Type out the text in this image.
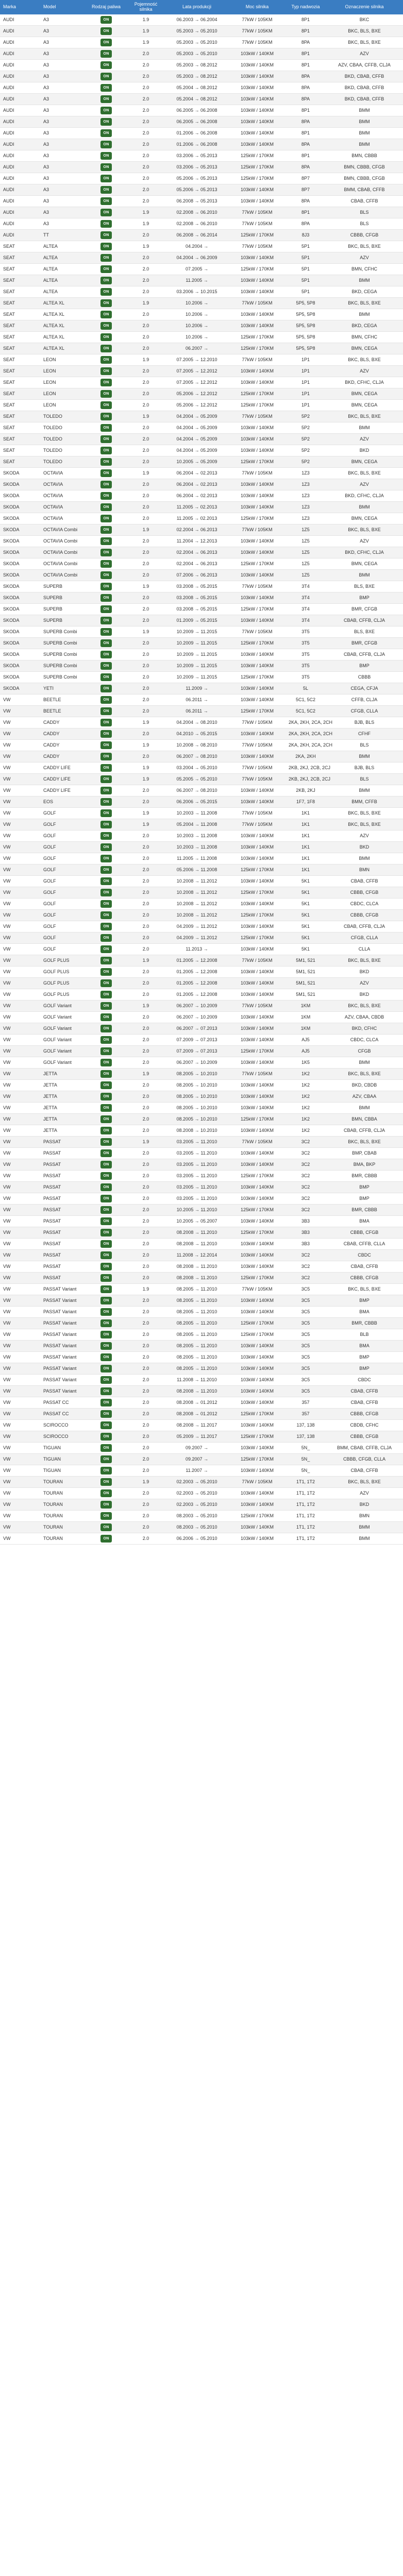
Marka	Model	Rodzaj paliwa	Pojemność silnika	Lata produkcji	Moc silnika	Typ nadwozia	Oznaczenie silnika
AUDI	A3	ON	1.9	06.2003 → 06.2004	77kW / 105KM	8P1	BKC
AUDI	A3	ON	1.9	05.2003 → 05.2010	77kW / 105KM	8P1	BKC, BLS, BXE
AUDI	A3	ON	1.9	05.2003 → 05.2010	77kW / 105KM	8PA	BKC, BLS, BXE
AUDI	A3	ON	2.0	05.2003 → 05.2010	103kW / 140KM	8P1	AZV
AUDI	A3	ON	2.0	05.2003 → 08.2012	103kW / 140KM	8P1	AZV, CBAA, CFFB, CLJA
AUDI	A3	ON	2.0	05.2003 → 08.2012	103kW / 140KM	8PA	BKD, CBAB, CFFB
AUDI	A3	ON	2.0	05.2004 → 08.2012	103kW / 140KM	8PA	BKD, CBAB, CFFB
AUDI	A3	ON	2.0	05.2004 → 08.2012	103kW / 140KM	8PA	BKD, CBAB, CFFB
AUDI	A3	ON	2.0	06.2005 → 06.2008	103kW / 140KM	8P1	BMM
AUDI	A3	ON	2.0	06.2005 → 06.2008	103kW / 140KM	8PA	BMM
AUDI	A3	ON	2.0	01.2006 → 06.2008	103kW / 140KM	8P1	BMM
AUDI	A3	ON	2.0	01.2006 → 06.2008	103kW / 140KM	8PA	BMM
AUDI	A3	ON	2.0	03.2006 → 05.2013	125kW / 170KM	8P1	BMN, CBBB
AUDI	A3	ON	2.0	03.2006 → 05.2013	125kW / 170KM	8PA	BMN, CBBB, CFGB
AUDI	A3	ON	2.0	05.2006 → 05.2013	125kW / 170KM	8P7	BMN, CBBB, CFGB
AUDI	A3	ON	2.0	05.2006 → 05.2013	103kW / 140KM	8P7	BMM, CBAB, CFFB
AUDI	A3	ON	2.0	06.2008 → 05.2013	103kW / 140KM	8PA	CBAB, CFFB
AUDI	A3	ON	1.9	02.2008 → 06.2010	77kW / 105KM	8P1	BLS
AUDI	A3	ON	1.9	02.2008 → 06.2010	77kW / 105KM	8PA	BLS
AUDI	TT	ON	2.0	06.2008 → 06.2014	125kW / 170KM	8J3	CBBB, CFGB
SEAT	ALTEA	ON	1.9	04.2004 →	77kW / 105KM	5P1	BKC, BLS, BXE
SEAT	ALTEA	ON	2.0	04.2004 → 06.2009	103kW / 140KM	5P1	AZV
SEAT	ALTEA	ON	2.0	07.2005 →	125kW / 170KM	5P1	BMN, CFHC
SEAT	ALTEA	ON	2.0	11.2005 →	103kW / 140KM	5P1	BMM
SEAT	ALTEA	ON	2.0	03.2006 → 10.2015	103kW / 140KM	5P1	BKD, CEGA
SEAT	ALTEA XL	ON	1.9	10.2006 →	77kW / 105KM	5P5, 5P8	BKC, BLS, BXE
SEAT	ALTEA XL	ON	2.0	10.2006 →	103kW / 140KM	5P5, 5P8	BMM
SEAT	ALTEA XL	ON	2.0	10.2006 →	103kW / 140KM	5P5, 5P8	BKD, CEGA
SEAT	ALTEA XL	ON	2.0	10.2006 →	125kW / 170KM	5P5, 5P8	BMN, CFHC
SEAT	ALTEA XL	ON	2.0	06.2007 →	125kW / 170KM	5P5, 5P8	BMN, CEGA
SEAT	LEON	ON	1.9	07.2005 → 12.2010	77kW / 105KM	1P1	BKC, BLS, BXE
SEAT	LEON	ON	2.0	07.2005 → 12.2012	103kW / 140KM	1P1	AZV
SEAT	LEON	ON	2.0	07.2005 → 12.2012	103kW / 140KM	1P1	BKD, CFHC, CLJA
SEAT	LEON	ON	2.0	05.2006 → 12.2012	125kW / 170KM	1P1	BMN, CEGA
SEAT	LEON	ON	2.0	05.2006 → 12.2012	125kW / 170KM	1P1	BMN, CEGA
SEAT	TOLEDO	ON	1.9	04.2004 → 05.2009	77kW / 105KM	5P2	BKC, BLS, BXE
SEAT	TOLEDO	ON	2.0	04.2004 → 05.2009	103kW / 140KM	5P2	BMM
SEAT	TOLEDO	ON	2.0	04.2004 → 05.2009	103kW / 140KM	5P2	AZV
SEAT	TOLEDO	ON	2.0	04.2004 → 05.2009	103kW / 140KM	5P2	BKD
SEAT	TOLEDO	ON	2.0	10.2005 → 05.2009	125kW / 170KM	5P2	BMN, CEGA
SKODA	OCTAVIA	ON	1.9	06.2004 → 02.2013	77kW / 105KM	1Z3	BKC, BLS, BXE
SKODA	OCTAVIA	ON	2.0	06.2004 → 02.2013	103kW / 140KM	1Z3	AZV
SKODA	OCTAVIA	ON	2.0	06.2004 → 02.2013	103kW / 140KM	1Z3	BKD, CFHC, CLJA
SKODA	OCTAVIA	ON	2.0	11.2005 → 02.2013	103kW / 140KM	1Z3	BMM
SKODA	OCTAVIA	ON	2.0	11.2005 → 02.2013	125kW / 170KM	1Z3	BMN, CEGA
SKODA	OCTAVIA Combi	ON	1.9	02.2004 → 06.2013	77kW / 105KM	1Z5	BKC, BLS, BXE
SKODA	OCTAVIA Combi	ON	2.0	11.2004 → 12.2013	103kW / 140KM	1Z5	AZV
SKODA	OCTAVIA Combi	ON	2.0	02.2004 → 06.2013	103kW / 140KM	1Z5	BKD, CFHC, CLJA
SKODA	OCTAVIA Combi	ON	2.0	02.2004 → 06.2013	125kW / 170KM	1Z5	BMN, CEGA
SKODA	OCTAVIA Combi	ON	2.0	07.2006 → 06.2013	103kW / 140KM	1Z5	BMM
SKODA	SUPERB	ON	1.9	03.2008 → 05.2015	77kW / 105KM	3T4	BLS, BXE
SKODA	SUPERB	ON	2.0	03.2008 → 05.2015	103kW / 140KM	3T4	BMP
SKODA	SUPERB	ON	2.0	03.2008 → 05.2015	125kW / 170KM	3T4	BMR, CFGB
SKODA	SUPERB	ON	2.0	01.2009 → 05.2015	103kW / 140KM	3T4	CBAB, CFFB, CLJA
SKODA	SUPERB Combi	ON	1.9	10.2009 → 11.2015	77kW / 105KM	3T5	BLS, BXE
SKODA	SUPERB Combi	ON	2.0	10.2009 → 11.2015	125kW / 170KM	3T5	BMR, CFGB
SKODA	SUPERB Combi	ON	2.0	10.2009 → 11.2015	103kW / 140KM	3T5	CBAB, CFFB, CLJA
SKODA	SUPERB Combi	ON	2.0	10.2009 → 11.2015	103kW / 140KM	3T5	BMP
SKODA	SUPERB Combi	ON	2.0	10.2009 → 11.2015	125kW / 170KM	3T5	CBBB
SKODA	YETI	ON	2.0	11.2009 →	103kW / 140KM	5L	CEGA, CFJA
VW	BEETLE	ON	2.0	06.2011 →	103kW / 140KM	5C1, 5C2	CFFB, CLJA
VW	BEETLE	ON	2.0	06.2011 →	125kW / 170KM	5C1, 5C2	CFGB, CLLA
VW	CADDY	ON	1.9	04.2004 → 08.2010	77kW / 105KM	2KA, 2KH, 2CA, 2CH	BJB, BLS
VW	CADDY	ON	2.0	04.2010 → 05.2015	103kW / 140KM	2KA, 2KH, 2CA, 2CH	CFHF
VW	CADDY	ON	1.9	10.2008 → 08.2010	77kW / 105KM	2KA, 2KH, 2CA, 2CH	BLS
VW	CADDY	ON	2.0	06.2007 → 08.2010	103kW / 140KM	2KA, 2KH	BMM
VW	CADDY LIFE	ON	1.9	03.2004 → 05.2010	77kW / 105KM	2KB, 2KJ, 2CB, 2CJ	BJB, BLS
VW	CADDY LIFE	ON	1.9	05.2005 → 05.2010	77kW / 105KM	2KB, 2KJ, 2CB, 2CJ	BLS
VW	CADDY LIFE	ON	2.0	06.2007 → 08.2010	103kW / 140KM	2KB, 2KJ	BMM
VW	EOS	ON	2.0	06.2006 → 05.2015	103kW / 140KM	1F7, 1F8	BMM, CFFB
VW	GOLF	ON	1.9	10.2003 → 11.2008	77kW / 105KM	1K1	BKC, BLS, BXE
VW	GOLF	ON	1.9	05.2004 → 11.2008	77kW / 105KM	1K1	BKC, BLS, BXE
VW	GOLF	ON	2.0	10.2003 → 11.2008	103kW / 140KM	1K1	AZV
VW	GOLF	ON	2.0	10.2003 → 11.2008	103kW / 140KM	1K1	BKD
VW	GOLF	ON	2.0	11.2005 → 11.2008	103kW / 140KM	1K1	BMM
VW	GOLF	ON	2.0	05.2006 → 11.2008	125kW / 170KM	1K1	BMN
VW	GOLF	ON	2.0	10.2008 → 11.2012	103kW / 140KM	5K1	CBAB, CFFB
VW	GOLF	ON	2.0	10.2008 → 11.2012	125kW / 170KM	5K1	CBBB, CFGB
VW	GOLF	ON	2.0	10.2008 → 11.2012	103kW / 140KM	5K1	CBDC, CLCA
VW	GOLF	ON	2.0	10.2008 → 11.2012	125kW / 170KM	5K1	CBBB, CFGB
VW	GOLF	ON	2.0	04.2009 → 11.2012	103kW / 140KM	5K1	CBAB, CFFB, CLJA
VW	GOLF	ON	2.0	04.2009 → 11.2012	125kW / 170KM	5K1	CFGB, CLLA
VW	GOLF	ON	2.0	11.2013 →	103kW / 140KM	5K1	CLLA
VW	GOLF PLUS	ON	1.9	01.2005 → 12.2008	77kW / 105KM	5M1, 521	BKC, BLS, BXE
VW	GOLF PLUS	ON	2.0	01.2005 → 12.2008	103kW / 140KM	5M1, 521	BKD
VW	GOLF PLUS	ON	2.0	01.2005 → 12.2008	103kW / 140KM	5M1, 521	AZV
VW	GOLF PLUS	ON	2.0	01.2005 → 12.2008	103kW / 140KM	5M1, 521	BKD
VW	GOLF Variant	ON	1.9	06.2007 → 10.2009	77kW / 105KM	1KM	BKC, BLS, BXE
VW	GOLF Variant	ON	2.0	06.2007 → 10.2009	103kW / 140KM	1KM	AZV, CBAA, CBDB
VW	GOLF Variant	ON	2.0	06.2007 → 07.2013	103kW / 140KM	1KM	BKD, CFHC
VW	GOLF Variant	ON	2.0	07.2009 → 07.2013	103kW / 140KM	AJ5	CBDC, CLCA
VW	GOLF Variant	ON	2.0	07.2009 → 07.2013	125kW / 170KM	AJ5	CFGB
VW	GOLF Variant	ON	2.0	06.2007 → 10.2009	103kW / 140KM	1K5	BMM
VW	JETTA	ON	1.9	08.2005 → 10.2010	77kW / 105KM	1K2	BKC, BLS, BXE
VW	JETTA	ON	2.0	08.2005 → 10.2010	103kW / 140KM	1K2	BKD, CBDB
VW	JETTA	ON	2.0	08.2005 → 10.2010	103kW / 140KM	1K2	AZV, CBAA
VW	JETTA	ON	2.0	08.2005 → 10.2010	103kW / 140KM	1K2	BMM
VW	JETTA	ON	2.0	08.2005 → 10.2010	125kW / 170KM	1K2	BMN, CBBA
VW	JETTA	ON	2.0	08.2008 → 10.2010	103kW / 140KM	1K2	CBAB, CFFB, CLJA
VW	PASSAT	ON	1.9	03.2005 → 11.2010	77kW / 105KM	3C2	BKC, BLS, BXE
VW	PASSAT	ON	2.0	03.2005 → 11.2010	103kW / 140KM	3C2	BMP, CBAB
VW	PASSAT	ON	2.0	03.2005 → 11.2010	103kW / 140KM	3C2	BMA, BKP
VW	PASSAT	ON	2.0	03.2005 → 11.2010	125kW / 170KM	3C2	BMR, CBBB
VW	PASSAT	ON	2.0	03.2005 → 11.2010	103kW / 140KM	3C2	BMP
VW	PASSAT	ON	2.0	03.2005 → 11.2010	103kW / 140KM	3C2	BMP
VW	PASSAT	ON	2.0	10.2005 → 11.2010	125kW / 170KM	3C2	BMR, CBBB
VW	PASSAT	ON	2.0	10.2005 → 05.2007	103kW / 140KM	3B3	BMA
VW	PASSAT	ON	2.0	08.2008 → 11.2010	125kW / 170KM	3B3	CBBB, CFGB
VW	PASSAT	ON	2.0	08.2008 → 11.2010	103kW / 140KM	3B3	CBAB, CFFB, CLLA
VW	PASSAT	ON	2.0	11.2008 → 12.2014	103kW / 140KM	3C2	CBDC
VW	PASSAT	ON	2.0	08.2008 → 11.2010	103kW / 140KM	3C2	CBAB, CFFB
VW	PASSAT	ON	2.0	08.2008 → 11.2010	125kW / 170KM	3C2	CBBB, CFGB
VW	PASSAT Variant	ON	1.9	08.2005 → 11.2010	77kW / 105KM	3C5	BKC, BLS, BXE
VW	PASSAT Variant	ON	2.0	08.2005 → 11.2010	103kW / 140KM	3C5	BMP
VW	PASSAT Variant	ON	2.0	08.2005 → 11.2010	103kW / 140KM	3C5	BMA
VW	PASSAT Variant	ON	2.0	08.2005 → 11.2010	125kW / 170KM	3C5	BMR, CBBB
VW	PASSAT Variant	ON	2.0	08.2005 → 11.2010	125kW / 170KM	3C5	BLB
VW	PASSAT Variant	ON	2.0	08.2005 → 11.2010	103kW / 140KM	3C5	BMA
VW	PASSAT Variant	ON	2.0	08.2005 → 11.2010	103kW / 140KM	3C5	BMP
VW	PASSAT Variant	ON	2.0	08.2005 → 11.2010	103kW / 140KM	3C5	BMP
VW	PASSAT Variant	ON	2.0	11.2008 → 11.2010	103kW / 140KM	3C5	CBDC
VW	PASSAT Variant	ON	2.0	08.2008 → 11.2010	103kW / 140KM	3C5	CBAB, CFFB
VW	PASSAT CC	ON	2.0	08.2008 → 01.2012	103kW / 140KM	357	CBAB, CFFB
VW	PASSAT CC	ON	2.0	08.2008 → 01.2012	125kW / 170KM	357	CBBB, CFGB
VW	SCIROCCO	ON	2.0	08.2008 → 11.2017	103kW / 140KM	137, 138	CBDB, CFHC
VW	SCIROCCO	ON	2.0	05.2009 → 11.2017	125kW / 170KM	137, 138	CBBB, CFGB
VW	TIGUAN	ON	2.0	09.2007 →	103kW / 140KM	5N_	BMM, CBAB, CFFB, CLJA
VW	TIGUAN	ON	2.0	09.2007 →	125kW / 170KM	5N_	CBBB, CFGB, CLLA
VW	TIGUAN	ON	2.0	11.2007 →	103kW / 140KM	5N_	CBAB, CFFB
VW	TOURAN	ON	1.9	02.2003 → 05.2010	77kW / 105KM	1T1, 1T2	BKC, BLS, BXE
VW	TOURAN	ON	2.0	02.2003 → 05.2010	103kW / 140KM	1T1, 1T2	AZV
VW	TOURAN	ON	2.0	02.2003 → 05.2010	103kW / 140KM	1T1, 1T2	BKD
VW	TOURAN	ON	2.0	08.2003 → 05.2010	125kW / 170KM	1T1, 1T2	BMN
VW	TOURAN	ON	2.0	08.2003 → 05.2010	103kW / 140KM	1T1, 1T2	BMM
VW	TOURAN	ON	2.0	06.2006 → 05.2010	103kW / 140KM	1T1, 1T2	BMM
